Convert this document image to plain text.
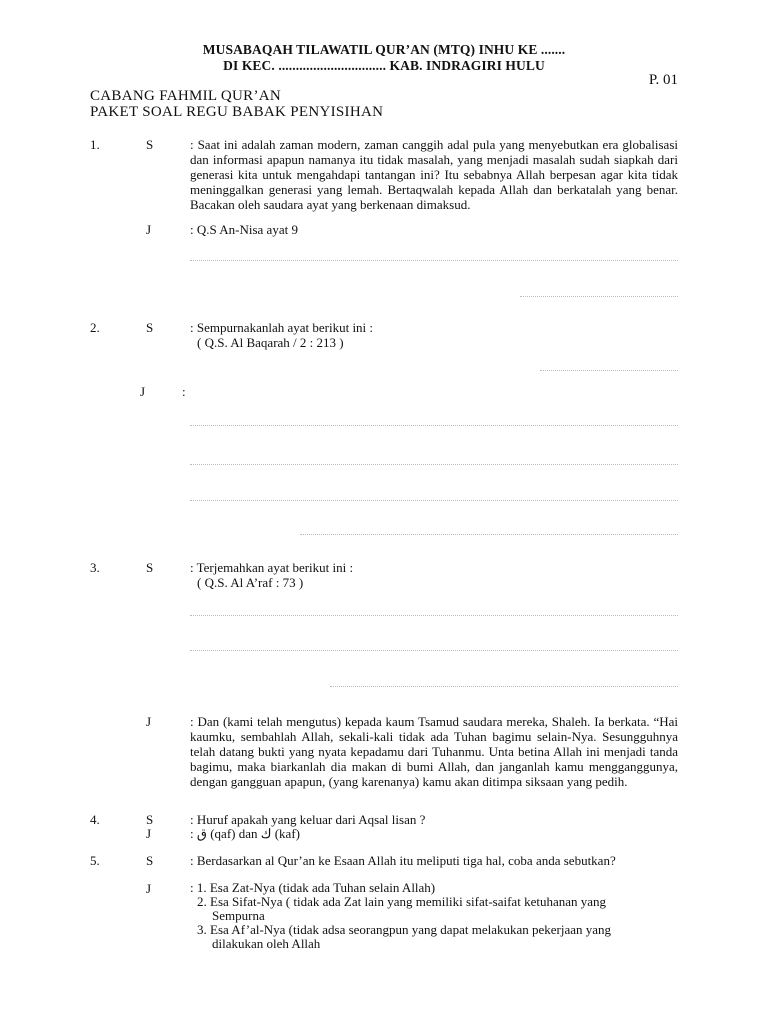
MUSABAQAH TILAWATIL QUR’AN (MTQ) INHU KE .......
DI KEC. ............................... KAB. INDRAGIRI HULU
P. 01
CABANG FAHMIL QUR’AN
PAKET SOAL REGU BABAK PENYISIHAN
1.	S	: Saat ini adalah zaman modern, zaman canggih adal pula yang menyebutkan era globalisasi dan informasi apapun namanya itu tidak masalah, yang menjadi masalah sudah siapkah dari generasi kita untuk mengahdapi tantangan ini? Itu sebabnya Allah berpesan agar kita tidak meninggalkan generasi yang lemah. Bertaqwalah kepada Allah dan berkatalah yang benar. Bacakan oleh saudara ayat yang berkenaan dimaksud.
J	: Q.S An-Nisa ayat 9
2.	S	: Sempurnakanlah ayat berikut ini :
( Q.S. Al Baqarah / 2 : 213 )
J	:
3.	S	: Terjemahkan ayat berikut ini :
( Q.S. Al A’raf : 73 )
J	: Dan (kami telah mengutus) kepada kaum Tsamud saudara mereka, Shaleh. Ia berkata. “Hai kaumku, sembahlah Allah, sekali-kali tidak ada Tuhan bagimu selain-Nya. Sesungguhnya telah datang bukti yang nyata kepadamu dari Tuhanmu. Unta betina Allah ini menjadi tanda bagimu, maka biarkanlah dia makan di bumi Allah, dan janganlah kamu mengganggunya, dengan gangguan apapun, (yang karenanya) kamu akan ditimpa siksaan yang pedih.
4.	S	: Huruf apakah yang keluar dari Aqsal lisan ?
J	: ق (qaf) dan ك (kaf)
5.	S	: Berdasarkan al Qur’an ke Esaan Allah itu meliputi tiga hal, coba anda sebutkan?
J	: 1. Esa Zat-Nya (tidak ada Tuhan selain Allah)
2. Esa Sifat-Nya ( tidak ada Zat lain yang memiliki sifat-saifat ketuhanan yang
Sempurna
3. Esa Af’al-Nya (tidak adsa seorangpun yang dapat melakukan pekerjaan yang
dilakukan oleh Allah
